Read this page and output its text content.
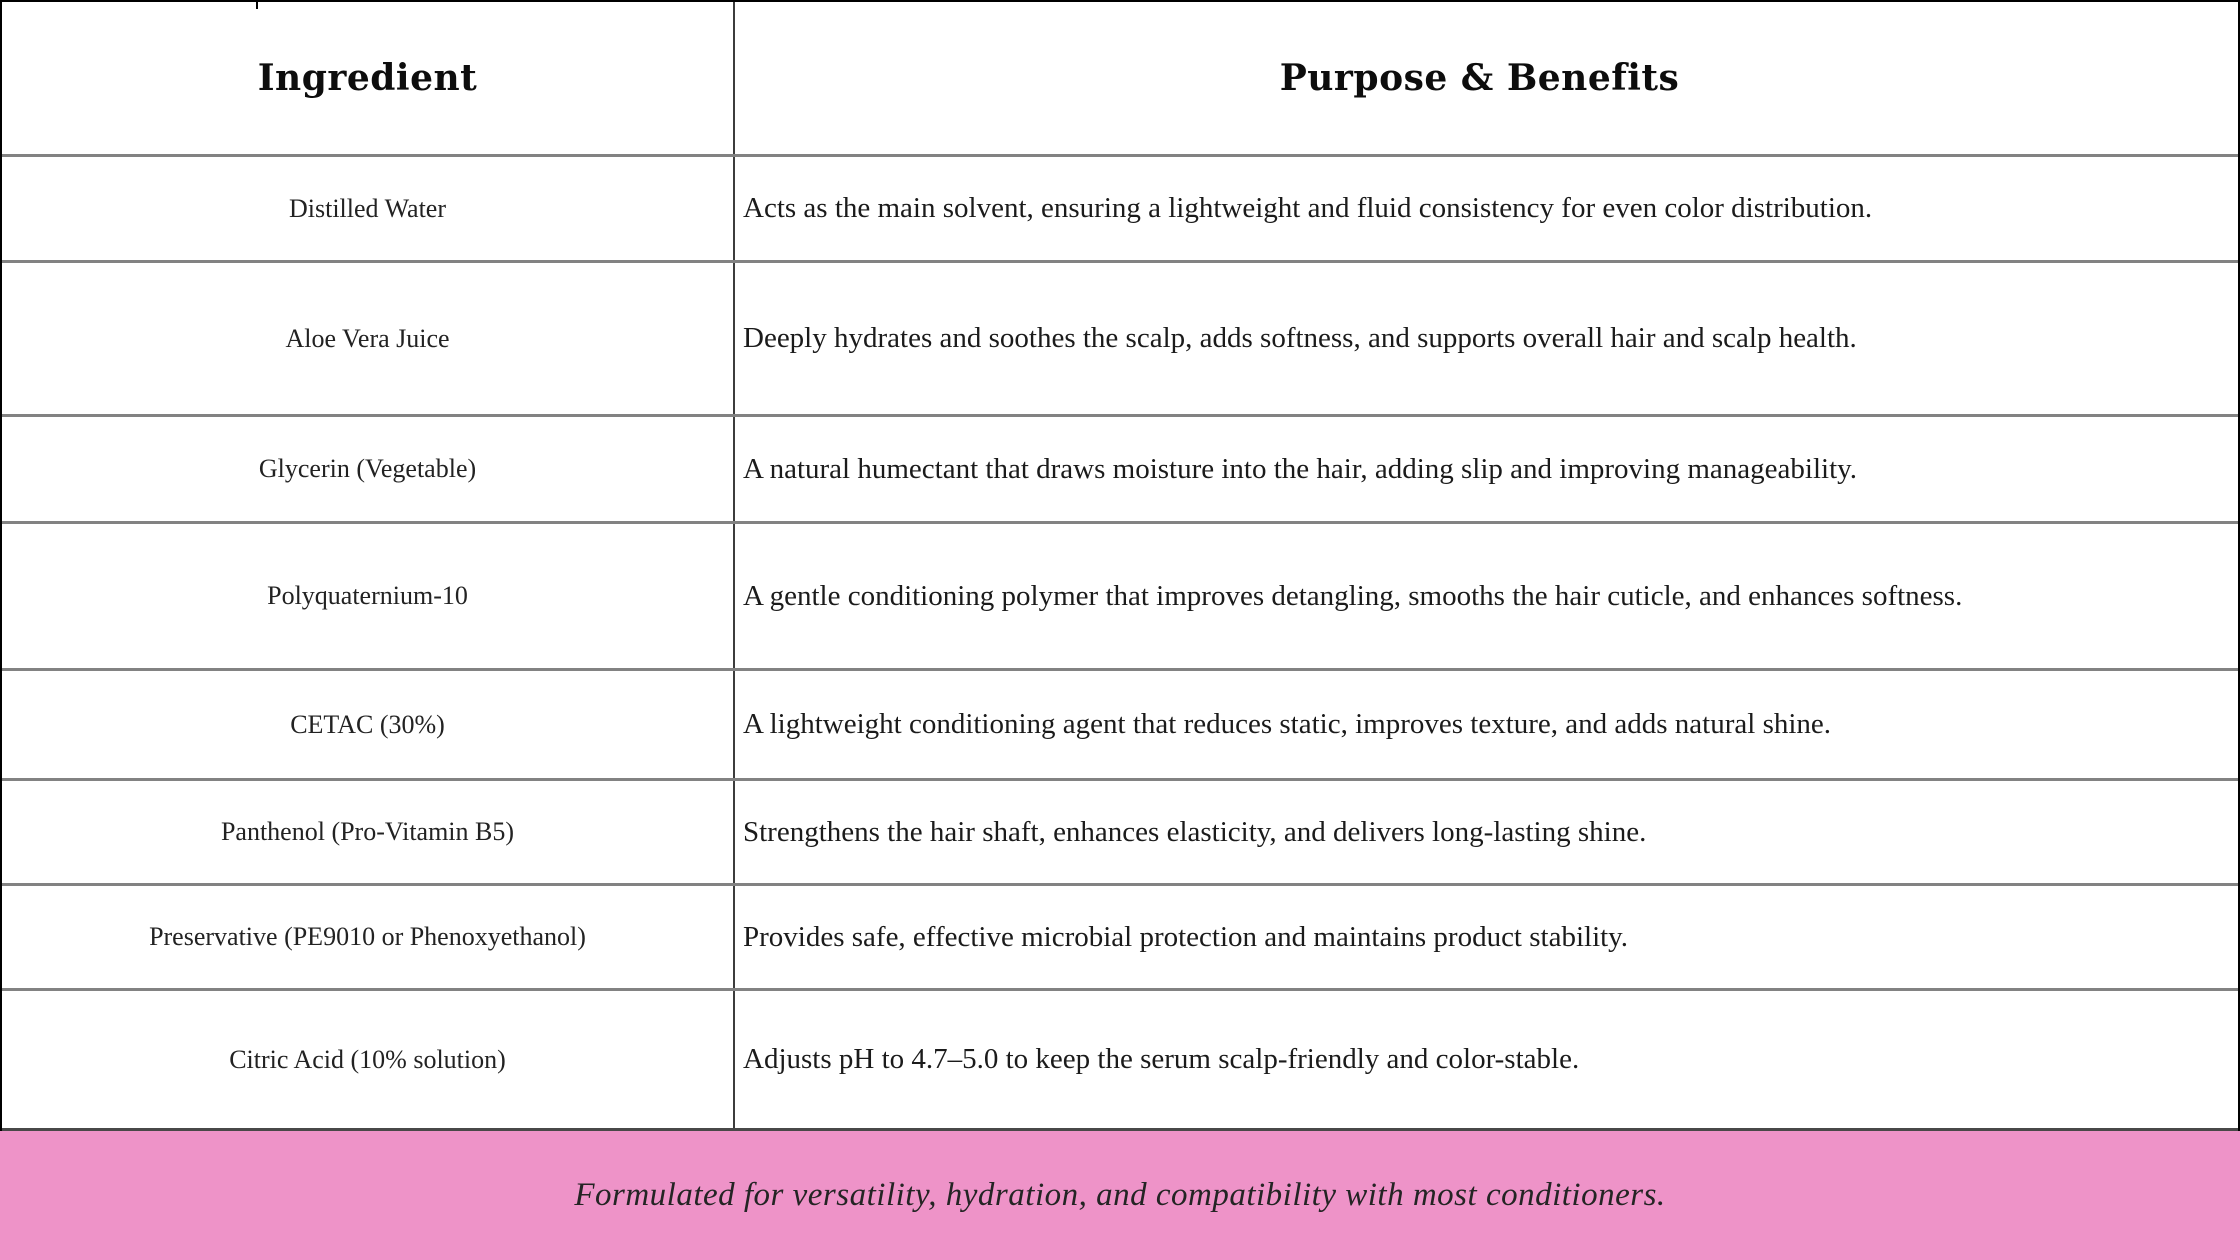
Ingredient	Purpose & Benefits
Distilled Water	Acts as the main solvent, ensuring a lightweight and fluid consistency for even color distribution.
Aloe Vera Juice	Deeply hydrates and soothes the scalp, adds softness, and supports overall hair and scalp health.
Glycerin (Vegetable)	A natural humectant that draws moisture into the hair, adding slip and improving manageability.
Polyquaternium-10	A gentle conditioning polymer that improves detangling, smooths the hair cuticle, and enhances softness.
CETAC (30%)	A lightweight conditioning agent that reduces static, improves texture, and adds natural shine.
Panthenol (Pro-Vitamin B5)	Strengthens the hair shaft, enhances elasticity, and delivers long-lasting shine.
Preservative (PE9010 or Phenoxyethanol)	Provides safe, effective microbial protection and maintains product stability.
Citric Acid (10% solution)	Adjusts pH to 4.7–5.0 to keep the serum scalp-friendly and color-stable.
Formulated for versatility, hydration, and compatibility with most conditioners.
